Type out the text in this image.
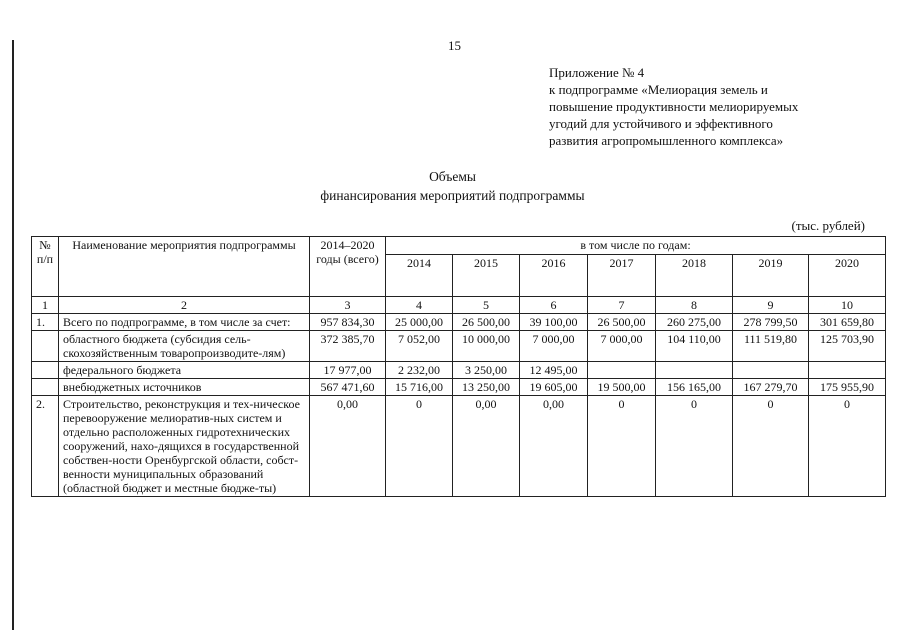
15
Приложение № 4
к подпрограмме «Мелиорация земель и
повышение продуктивности мелиорируемых
угодий для устойчивого и эффективного
развития агропромышленного комплекса»
Объемы
финансирования мероприятий подпрограммы
(тыс. рублей)
№ п/п	Наименование мероприятия подпрограммы	2014–2020 годы (всего)	в том числе по годам:						
			2014	2015	2016	2017	2018	2019	2020
1	2	3	4	5	6	7	8	9	10
1.	Всего по подпрограмме, в том числе за счет:	957 834,30	25 000,00	26 500,00	39 100,00	26 500,00	260 275,00	278 799,50	301 659,80
	областного бюджета (субсидия сель-скохозяйственным товаропроизводите-лям)	372 385,70	7 052,00	10 000,00	7 000,00	7 000,00	104 110,00	111 519,80	125 703,90
	федерального бюджета	17 977,00	2 232,00	3 250,00	12 495,00				
	внебюджетных источников	567 471,60	15 716,00	13 250,00	19 605,00	19 500,00	156 165,00	167 279,70	175 955,90
2.	Строительство, реконструкция и тех-ническое перевооружение мелиоратив-ных систем и отдельно расположенных гидротехнических сооружений, нахо-дящихся в государственной собствен-ности Оренбургской области, собст-венности муниципальных образований (областной бюджет и местные бюдже-ты)	0,00	0	0,00	0,00	0	0	0	0
